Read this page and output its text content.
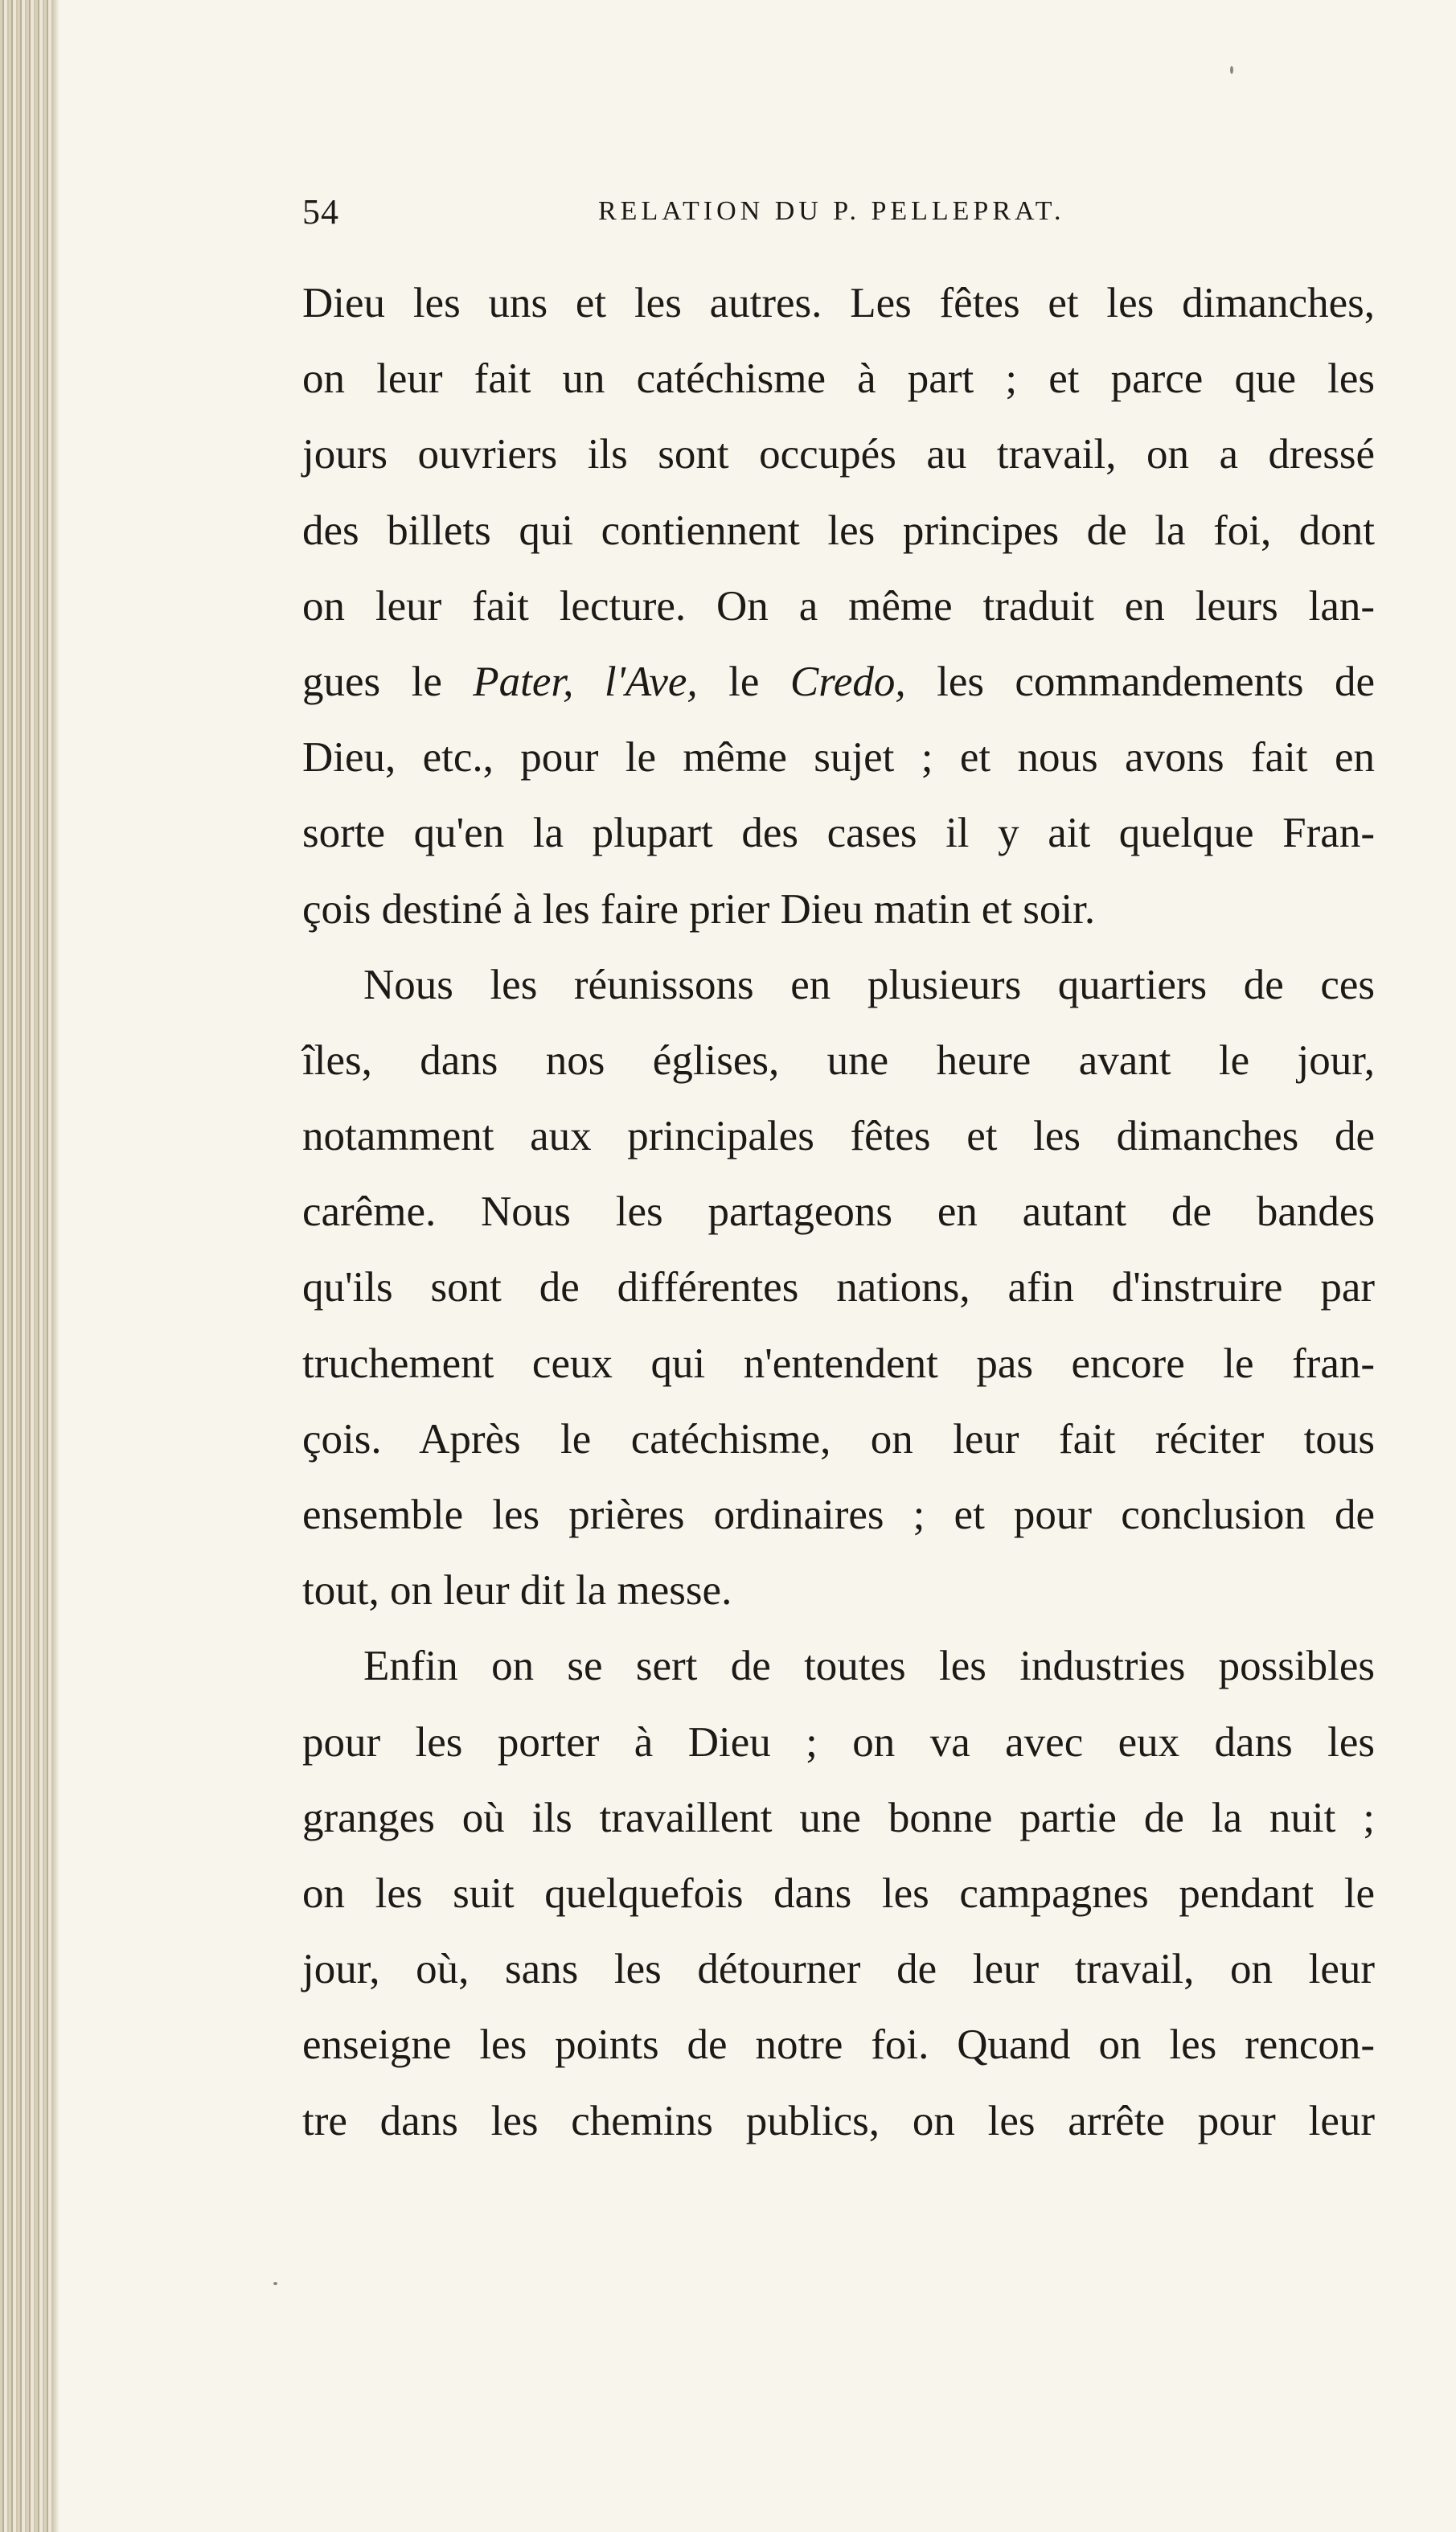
54	RELATION DU P. PELLEPRAT.
Dieu les uns et les autres. Les fêtes et les dimanches,
on leur fait un catéchisme à part ; et parce que les
jours ouvriers ils sont occupés au travail, on a dressé
des billets qui contiennent les principes de la foi, dont
on leur fait lecture. On a même traduit en leurs lan-
gues le Pater, l'Ave, le Credo, les commandements de
Dieu, etc., pour le même sujet ; et nous avons fait en
sorte qu'en la plupart des cases il y ait quelque Fran-
çois destiné à les faire prier Dieu matin et soir.
Nous les réunissons en plusieurs quartiers de ces
îles, dans nos églises, une heure avant le jour,
notamment aux principales fêtes et les dimanches de
carême. Nous les partageons en autant de bandes
qu'ils sont de différentes nations, afin d'instruire par
truchement ceux qui n'entendent pas encore le fran-
çois. Après le catéchisme, on leur fait réciter tous
ensemble les prières ordinaires ; et pour conclusion de
tout, on leur dit la messe.
Enfin on se sert de toutes les industries possibles
pour les porter à Dieu ; on va avec eux dans les
granges où ils travaillent une bonne partie de la nuit ;
on les suit quelquefois dans les campagnes pendant le
jour, où, sans les détourner de leur travail, on leur
enseigne les points de notre foi. Quand on les rencon-
tre dans les chemins publics, on les arrête pour leur
